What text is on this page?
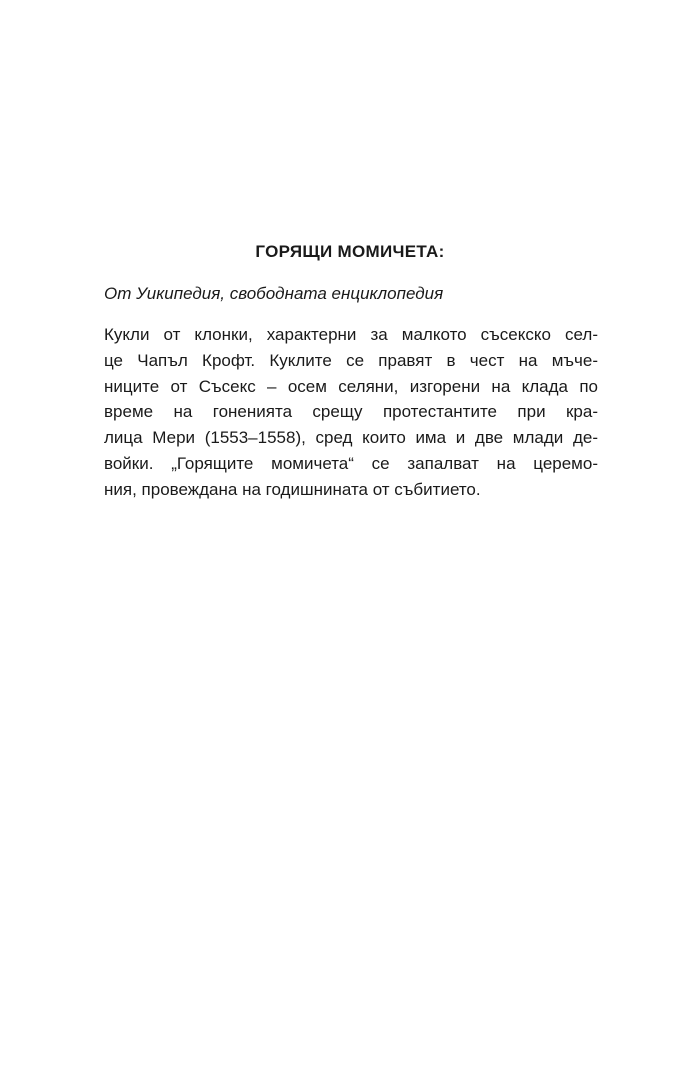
ГОРЯЩИ МОМИЧЕТА:
От Уикипедия, свободната енциклопедия
Кукли от клонки, характерни за малкото съсекско сел-
це Чапъл Крофт. Куклите се правят в чест на мъче-
ниците от Съсекс – осем селяни, изгорени на клада по
време на гоненията срещу протестантите при кра-
лица Мери (1553–1558), сред които има и две млади де-
войки. „Горящите момичета“ се запалват на церемо-
ния, провеждана на годишнината от събитието.
